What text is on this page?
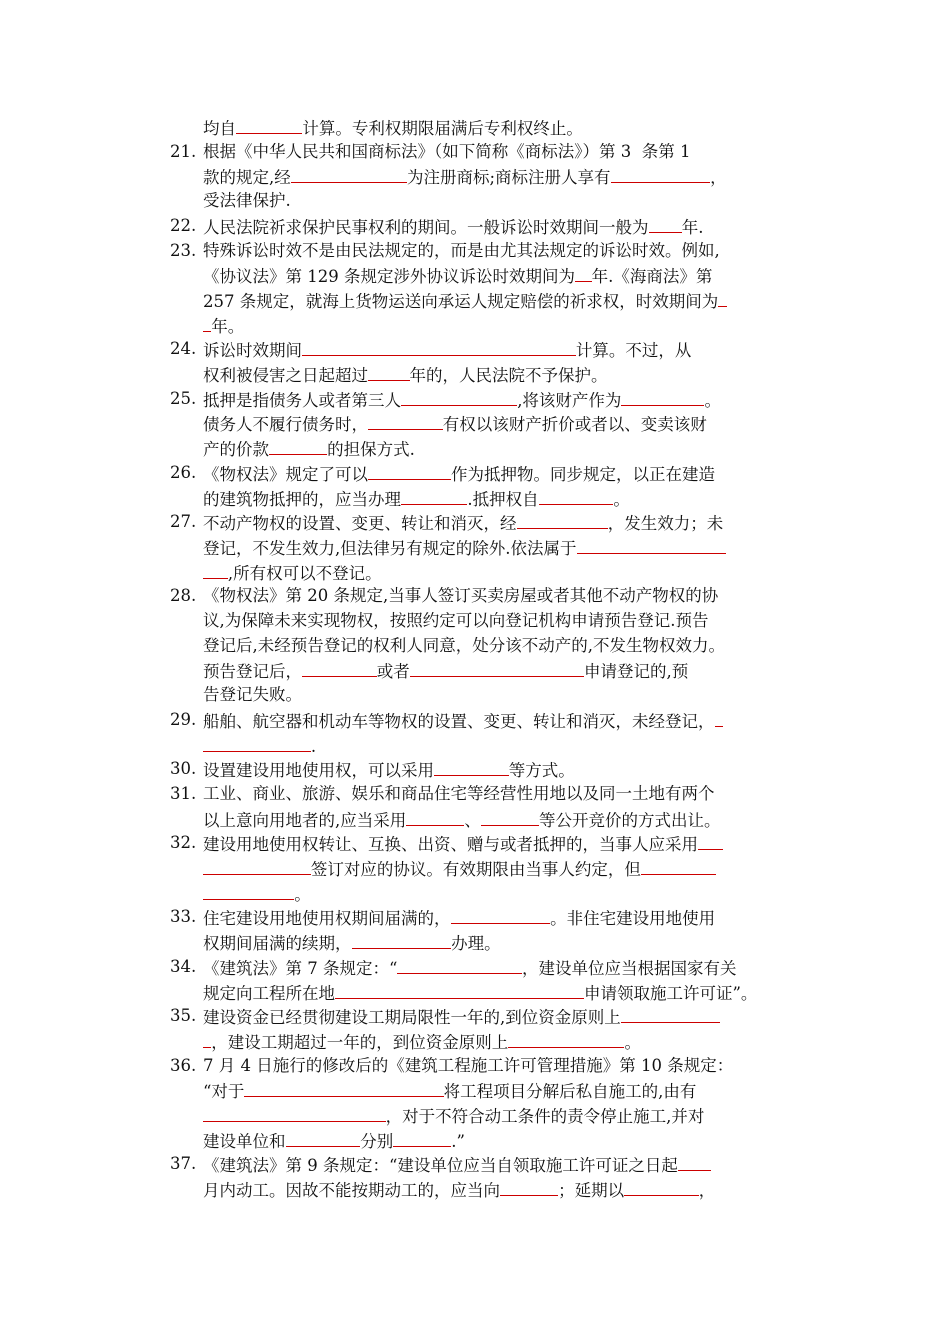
均自	计算。专利权期限届满后专利权终止。
21. 根据《中华人民共和国商标法》（如下简称《商标法》）第 3  条第 1
款的规定,经	为注册商标;商标注册人享有	，
受法律保护.
22. 人民法院祈求保护民事权利的期间。一般诉讼时效期间一般为 年.
23. 特殊诉讼时效不是由民法规定的，而是由尤其法规定的诉讼时效。例如,
《协议法》第 129 条规定涉外协议诉讼时效期间为 年.《海商法》第
257 条规定，就海上货物运送向承运人规定赔偿的祈求权，时效期间为
年。
24. 诉讼时效期间	计算。不过，从
权利被侵害之日起超过	年的，人民法院不予保护。
25. 抵押是指债务人或者第三人	,将该财产作为	。
债务人不履行债务时，	有权以该财产折价或者以、变卖该财
产的价款	的担保方式.
26. 《物权法》规定了可以	作为抵押物。同步规定，以正在建造
的建筑物抵押的，应当办理	.抵押权自	。
27. 不动产物权的设置、变更、转让和消灭，经	，发生效力；未
登记，不发生效力,但法律另有规定的除外.依法属于
,所有权可以不登记。
28. 《物权法》第 20 条规定,当事人签订买卖房屋或者其他不动产物权的协
议,为保障未来实现物权，按照约定可以向登记机构申请预告登记.预告
登记后,未经预告登记的权利人同意，处分该不动产的,不发生物权效力。
预告登记后，	或者	申请登记的,预
告登记失败。
29. 船舶、航空器和机动车等物权的设置、变更、转让和消灭，未经登记，
.
30. 设置建设用地使用权，可以采用	等方式。
31. 工业、商业、旅游、娱乐和商品住宅等经营性用地以及同一土地有两个
以上意向用地者的,应当采用	、	等公开竞价的方式出让。
32. 建设用地使用权转让、互换、出资、赠与或者抵押的，当事人应采用
签订对应的协议。有效期限由当事人约定，但
。
33. 住宅建设用地使用权期间届满的，	。非住宅建设用地使用
权期间届满的续期，	办理。
34. 《建筑法》第 7 条规定：“	，建设单位应当根据国家有关
规定向工程所在地	申请领取施工许可证”。
35. 建设资金已经贯彻建设工期局限性一年的,到位资金原则上
，建设工期超过一年的，到位资金原则上	。
36. 7 月 4 日施行的修改后的《建筑工程施工许可管理措施》第 10 条规定：
“对于	将工程项目分解后私自施工的,由有
，对于不符合动工条件的责令停止施工,并对
建设单位和	分别	.”
37. 《建筑法》第 9 条规定：“建设单位应当自领取施工许可证之日起
月内动工。因故不能按期动工的，应当向	；延期以	，
